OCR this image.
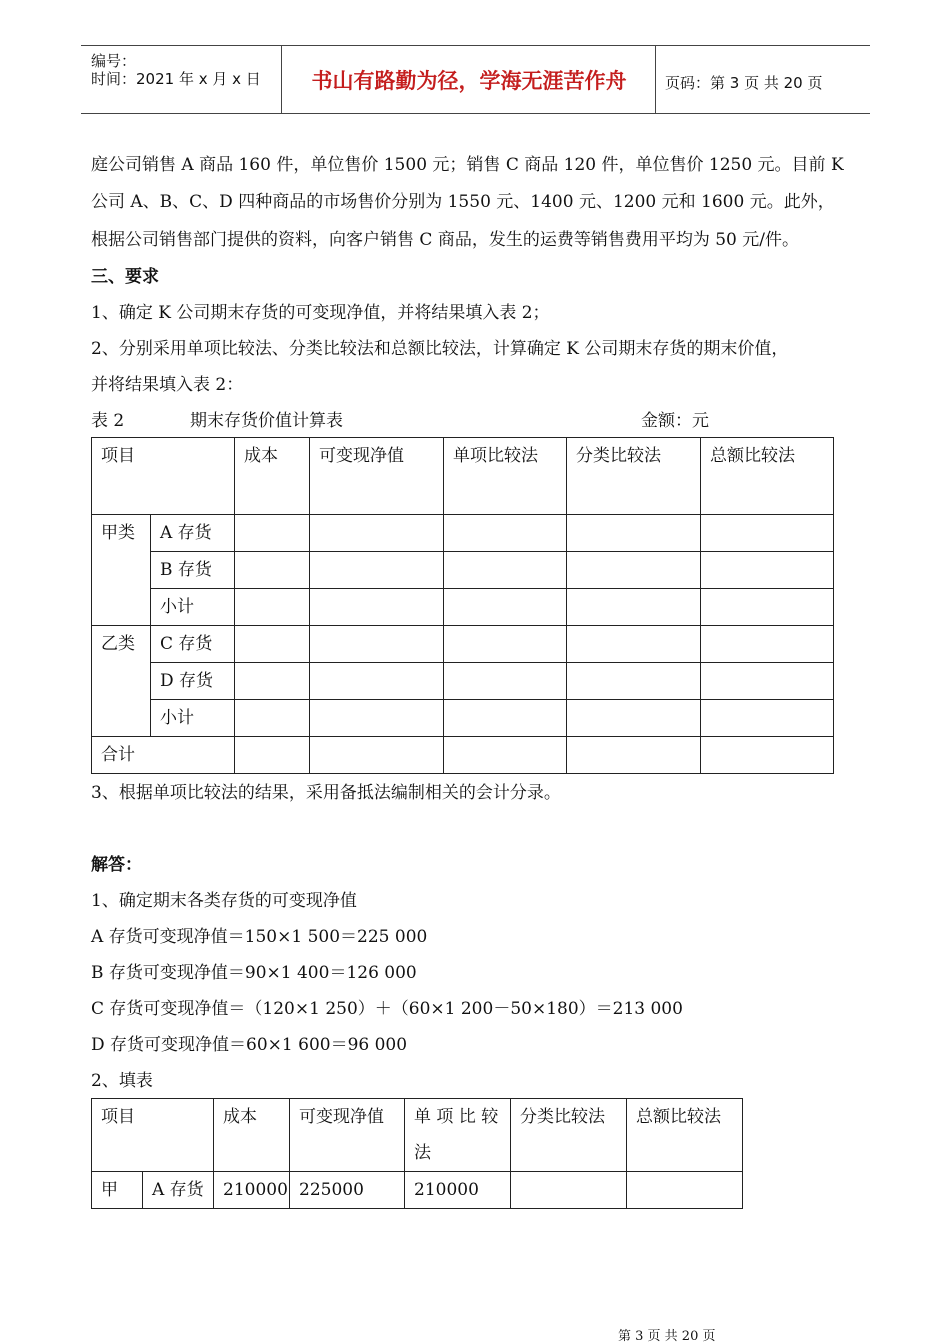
编号：
时间：2021 年 x 月 x 日	书山有路勤为径，学海无涯苦作舟	页码：第 3 页 共 20 页
庭公司销售 A 商品 160 件，单位售价 1500 元；销售 C 商品 120 件，单位售价 1250 元。目前 K
公司 A、B、C、D 四种商品的市场售价分别为 1550 元、1400 元、1200 元和 1600 元。此外，
根据公司销售部门提供的资料，向客户销售 C 商品，发生的运费等销售费用平均为 50 元/件。
三、要求
1、确定 K 公司期末存货的可变现净值，并将结果填入表 2；
2、分别采用单项比较法、分类比较法和总额比较法，计算确定 K 公司期末存货的期末价值，
并将结果填入表 2：
表 2	期末存货价值计算表	金额：元
项目		成本	可变现净值	单项比较法	分类比较法	总额比较法
甲类	A 存货					
	B 存货					
	小计					
乙类	C 存货					
	D 存货					
	小计					
合计						
3、根据单项比较法的结果，采用备抵法编制相关的会计分录。
解答：
1、确定期末各类存货的可变现净值
A 存货可变现净值＝150×1 500＝225 000
B 存货可变现净值＝90×1 400＝126 000
C 存货可变现净值＝（120×1 250）＋（60×1 200－50×180）＝213 000
D 存货可变现净值＝60×1 600＝96 000
2、填表
项目		成本	可变现净值	单 项 比 较
法	分类比较法	总额比较法
甲	A 存货	210000	225000	210000		
第 3 页 共 20 页
